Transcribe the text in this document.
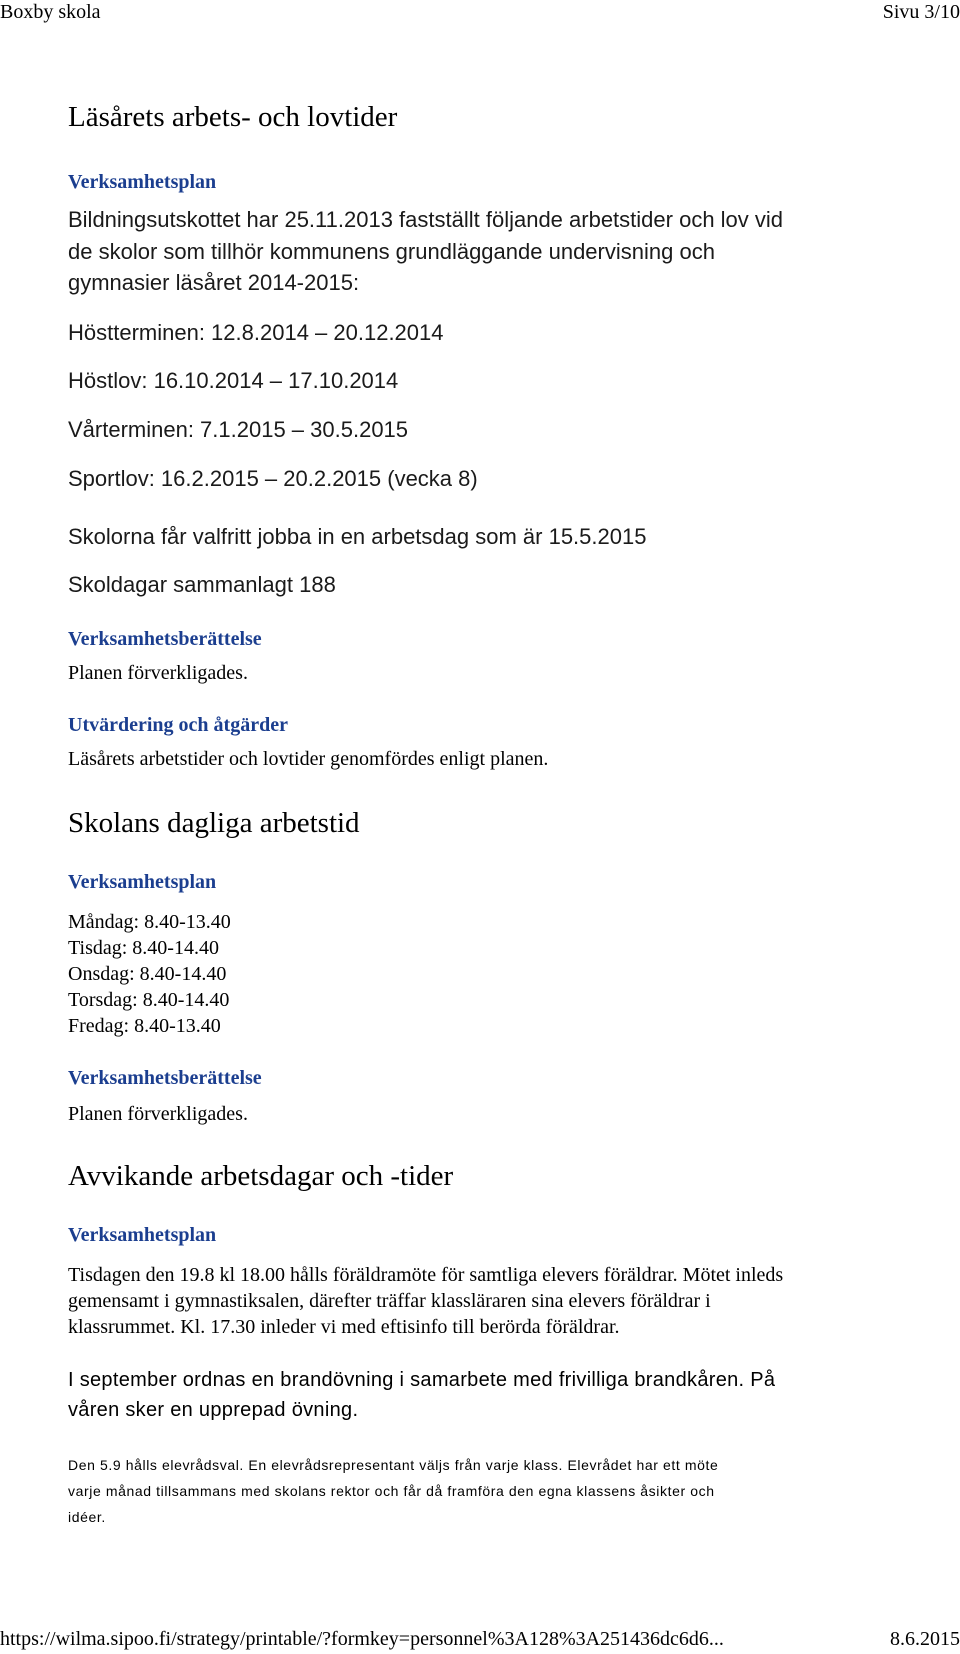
Boxby skola	Sivu 3/10
Läsårets arbets- och lovtider
Verksamhetsplan
Bildningsutskottet har 25.11.2013 fastställt följande arbetstider och lov vid
de skolor som tillhör kommunens grundläggande undervisning och
gymnasier läsåret 2014-2015:
Höstterminen: 12.8.2014 – 20.12.2014
Höstlov: 16.10.2014 – 17.10.2014
Vårterminen: 7.1.2015 – 30.5.2015
Sportlov: 16.2.2015 – 20.2.2015 (vecka 8)
Skolorna får valfritt jobba in en arbetsdag som är 15.5.2015
Skoldagar sammanlagt 188
Verksamhetsberättelse
Planen förverkligades.
Utvärdering och åtgärder
Läsårets arbetstider och lovtider genomfördes enligt planen.
Skolans dagliga arbetstid
Verksamhetsplan
Måndag: 8.40-13.40
Tisdag: 8.40-14.40
Onsdag: 8.40-14.40
Torsdag: 8.40-14.40
Fredag: 8.40-13.40
Verksamhetsberättelse
Planen förverkligades.
Avvikande arbetsdagar och -tider
Verksamhetsplan
Tisdagen den 19.8 kl 18.00 hålls föräldramöte för samtliga elevers föräldrar. Mötet inleds
gemensamt i gymnastiksalen, därefter träffar klassläraren sina elevers föräldrar i
klassrummet. Kl. 17.30 inleder vi med eftisinfo till berörda föräldrar.
I september ordnas en brandövning i samarbete med frivilliga brandkåren. På
våren sker en upprepad övning.
Den 5.9 hålls elevrådsval. En elevrådsrepresentant väljs från varje klass. Elevrådet har ett möte
varje månad tillsammans med skolans rektor och får då framföra den egna klassens åsikter och
idéer.
https://wilma.sipoo.fi/strategy/printable/?formkey=personnel%3A128%3A251436dc6d6...	8.6.2015
